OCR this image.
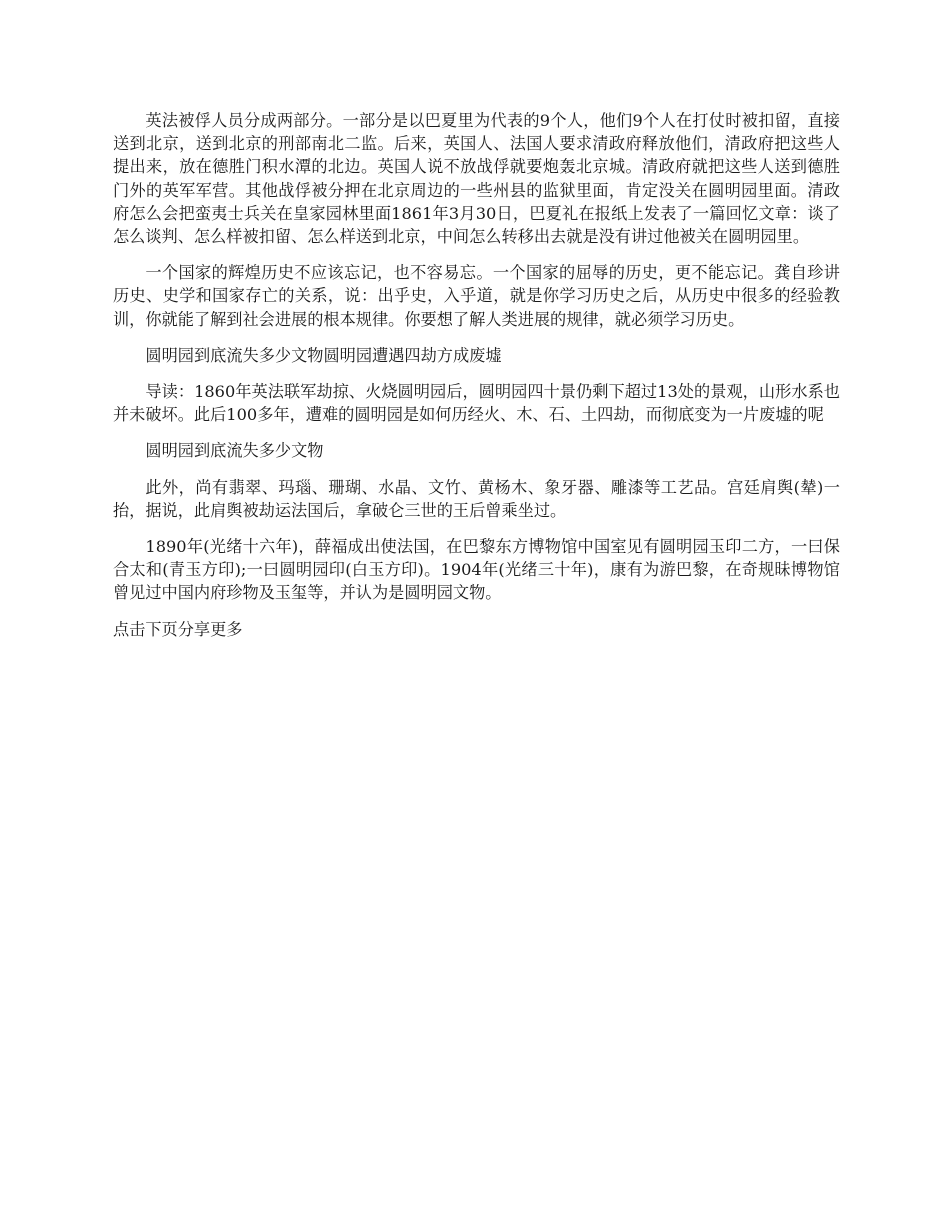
英法被俘人员分成两部分。一部分是以巴夏里为代表的9个人，他们9个人在打仗时被扣留，直接送到北京，送到北京的刑部南北二监。后来，英国人、法国人要求清政府释放他们，清政府把这些人提出来，放在德胜门积水潭的北边。英国人说不放战俘就要炮轰北京城。清政府就把这些人送到德胜门外的英军军营。其他战俘被分押在北京周边的一些州县的监狱里面，肯定没关在圆明园里面。清政府怎么会把蛮夷士兵关在皇家园林里面1861年3月30日，巴夏礼在报纸上发表了一篇回忆文章：谈了怎么谈判、怎么样被扣留、怎么样送到北京，中间怎么转移出去就是没有讲过他被关在圆明园里。

一个国家的辉煌历史不应该忘记，也不容易忘。一个国家的屈辱的历史，更不能忘记。龚自珍讲历史、史学和国家存亡的关系，说：出乎史，入乎道，就是你学习历史之后，从历史中很多的经验教训，你就能了解到社会进展的根本规律。你要想了解人类进展的规律，就必须学习历史。

圆明园到底流失多少文物圆明园遭遇四劫方成废墟

导读：1860年英法联军劫掠、火烧圆明园后，圆明园四十景仍剩下超过13处的景观，山形水系也并未破坏。此后100多年，遭难的圆明园是如何历经火、木、石、土四劫，而彻底变为一片废墟的呢

圆明园到底流失多少文物

此外，尚有翡翠、玛瑙、珊瑚、水晶、文竹、黄杨木、象牙器、雕漆等工艺品。宫廷肩舆(辇)一抬，据说，此肩舆被劫运法国后，拿破仑三世的王后曾乘坐过。

1890年(光绪十六年)，薛福成出使法国，在巴黎东方博物馆中国室见有圆明园玉印二方，一曰保合太和(青玉方印);一曰圆明园印(白玉方印)。1904年(光绪三十年)，康有为游巴黎，在奇规昧博物馆曾见过中国内府珍物及玉玺等，并认为是圆明园文物。

点击下页分享更多
